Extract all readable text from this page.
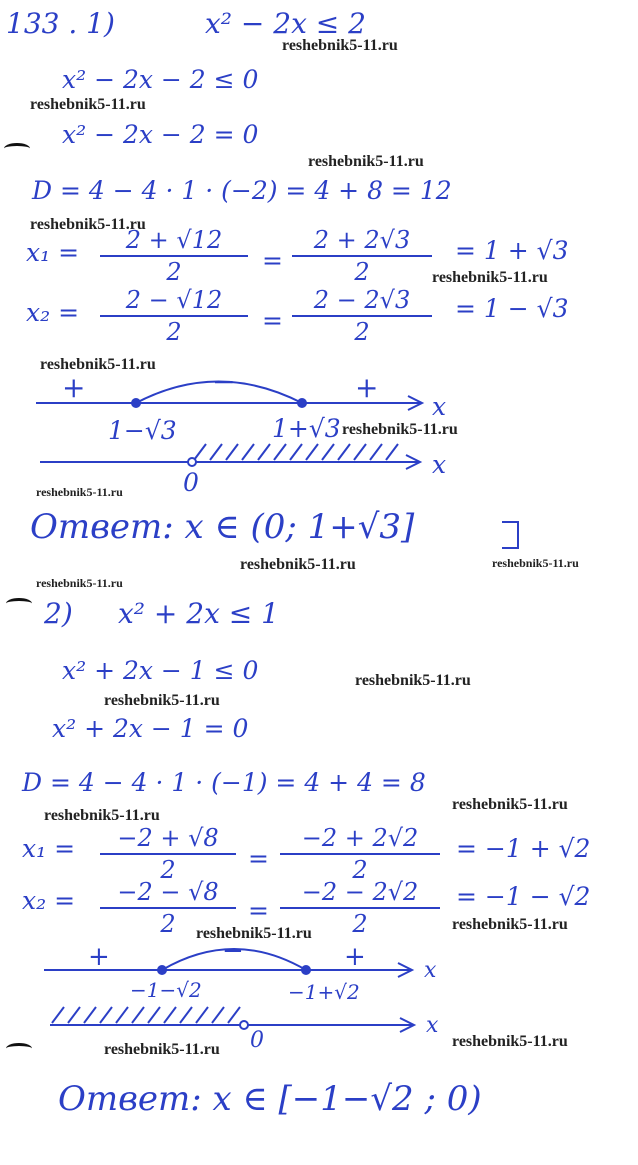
133 . 1)	x² − 2x ≤ 2
x² − 2x − 2 ≤ 0
x² − 2x − 2 = 0
D = 4 − 4 · 1 · (−2) = 4 + 8 = 12
x₁ =	2 + √12
2	=
2 + 2√3
2
= 1 + √3
x₂ =	2 − √12
2	=
2 − 2√3
2
= 1 − √3
+	−	+
1−√3	1+√3
x
x
0
Ответ: x ∈ (0; 1+√3]
2) x² + 2x ≤ 1
x² + 2x − 1 ≤ 0
x² + 2x − 1 = 0
D = 4 − 4 · 1 · (−1) = 4 + 4 = 8
x₁ =	−2 + √8
2	=
−2 + 2√2
2
= −1 + √2
x₂ =	−2 − √8
2	=
−2 − 2√2
2
= −1 − √2
+	−	+
−1−√2	−1+√2
x
x
0
Ответ: x ∈ [−1−√2 ; 0)
reshebnik5-11.ru
reshebnik5-11.ru
reshebnik5-11.ru
reshebnik5-11.ru
reshebnik5-11.ru
reshebnik5-11.ru
reshebnik5-11.ru
reshebnik5-11.ru
reshebnik5-11.ru	reshebnik5-11.ru
reshebnik5-11.ru
reshebnik5-11.ru
reshebnik5-11.ru
reshebnik5-11.ru
reshebnik5-11.ru
reshebnik5-11.ru
reshebnik5-11.ru
reshebnik5-11.ru
reshebnik5-11.ru
